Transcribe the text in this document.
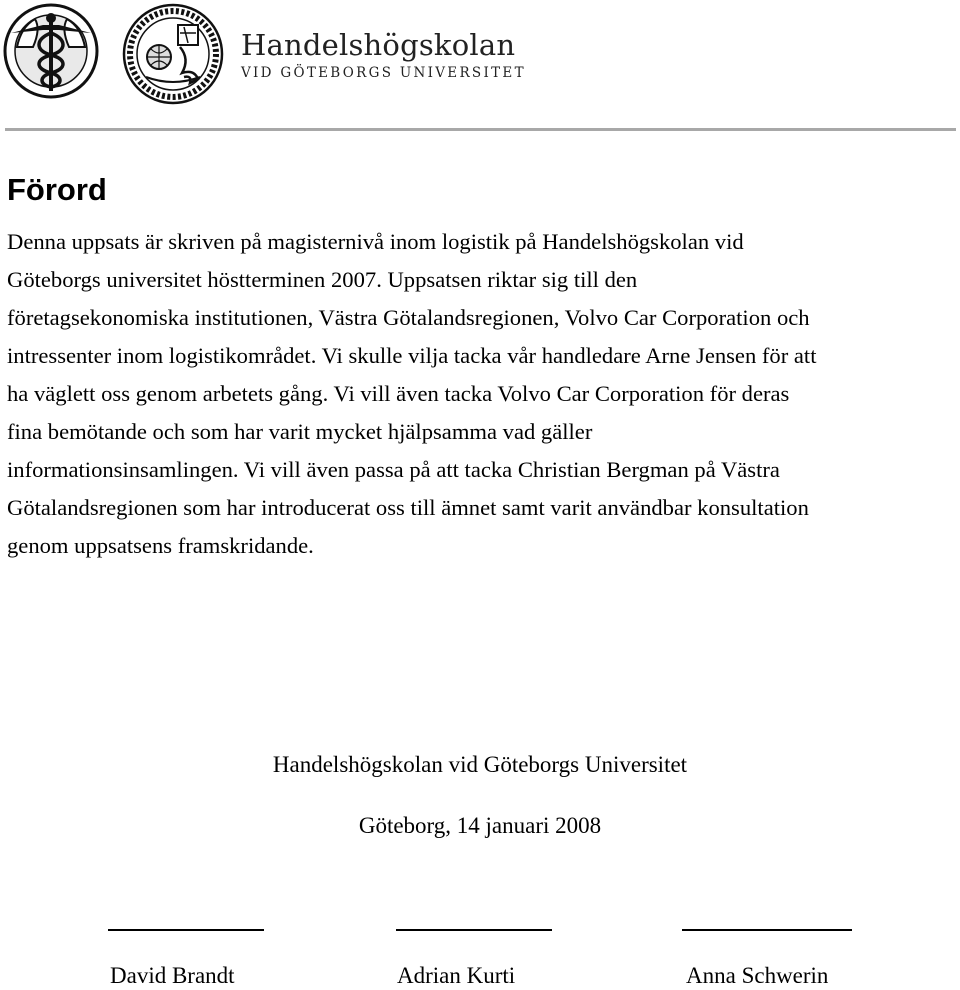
Handelshögskolan
VID GÖTEBORGS UNIVERSITET
Förord

Denna uppsats är skriven på magisternivå inom logistik på Handelshögskolan vid
Göteborgs universitet höstterminen 2007. Uppsatsen riktar sig till den
företagsekonomiska institutionen, Västra Götalandsregionen, Volvo Car Corporation och
intressenter inom logistikområdet. Vi skulle vilja tacka vår handledare Arne Jensen för att
ha väglett oss genom arbetets gång. Vi vill även tacka Volvo Car Corporation för deras
fina bemötande och som har varit mycket hjälpsamma vad gäller
informationsinsamlingen. Vi vill även passa på att tacka Christian Bergman på Västra
Götalandsregionen som har introducerat oss till ämnet samt varit användbar konsultation
genom uppsatsens framskridande.

Handelshögskolan vid Göteborgs Universitet
Göteborg, 14 januari 2008
David Brandt	Adrian Kurti	Anna Schwerin
